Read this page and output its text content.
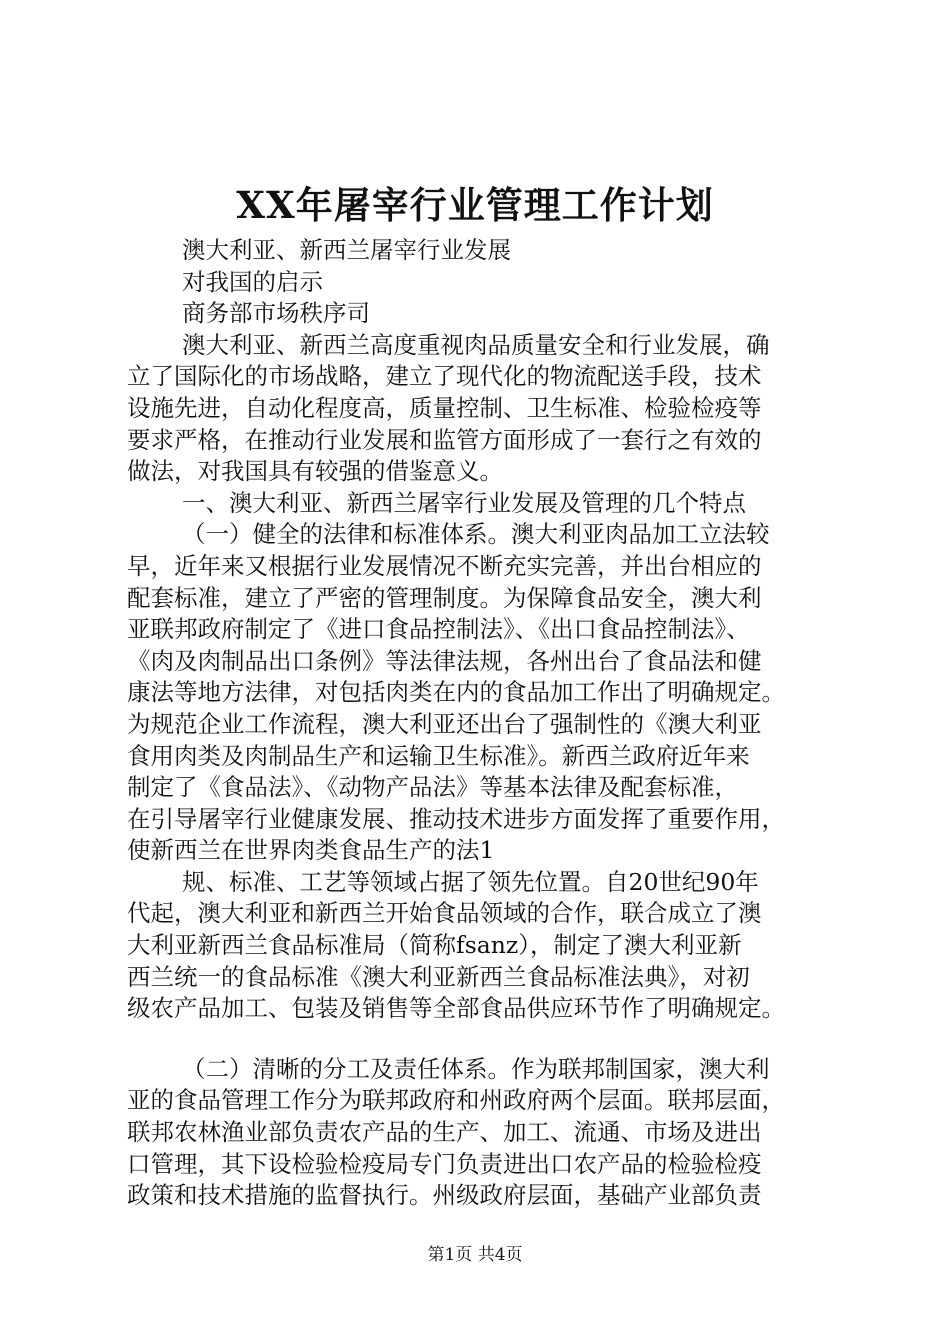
XX年屠宰行业管理工作计划
澳大利亚、新西兰屠宰行业发展
对我国的启示
商务部市场秩序司
澳大利亚、新西兰高度重视肉品质量安全和行业发展，确
立了国际化的市场战略，建立了现代化的物流配送手段，技术
设施先进，自动化程度高，质量控制、卫生标准、检验检疫等
要求严格，在推动行业发展和监管方面形成了一套行之有效的
做法，对我国具有较强的借鉴意义。
一、澳大利亚、新西兰屠宰行业发展及管理的几个特点
（一）健全的法律和标准体系。澳大利亚肉品加工立法较
早，近年来又根据行业发展情况不断充实完善，并出台相应的
配套标准，建立了严密的管理制度。为保障食品安全，澳大利
亚联邦政府制定了《进口食品控制法》、《出口食品控制法》、
《肉及肉制品出口条例》等法律法规，各州出台了食品法和健
康法等地方法律，对包括肉类在内的食品加工作出了明确规定。
为规范企业工作流程，澳大利亚还出台了强制性的《澳大利亚
食用肉类及肉制品生产和运输卫生标准》。新西兰政府近年来
制定了《食品法》、《动物产品法》等基本法律及配套标准，
在引导屠宰行业健康发展、推动技术进步方面发挥了重要作用，
使新西兰在世界肉类食品生产的法1
规、标准、工艺等领域占据了领先位置。自20世纪90年
代起，澳大利亚和新西兰开始食品领域的合作，联合成立了澳
大利亚新西兰食品标准局（简称fsanz），制定了澳大利亚新
西兰统一的食品标准《澳大利亚新西兰食品标准法典》，对初
级农产品加工、包装及销售等全部食品供应环节作了明确规定。
（二）清晰的分工及责任体系。作为联邦制国家，澳大利
亚的食品管理工作分为联邦政府和州政府两个层面。联邦层面，
联邦农林渔业部负责农产品的生产、加工、流通、市场及进出
口管理，其下设检验检疫局专门负责进出口农产品的检验检疫
政策和技术措施的监督执行。州级政府层面，基础产业部负责
第1页 共4页
